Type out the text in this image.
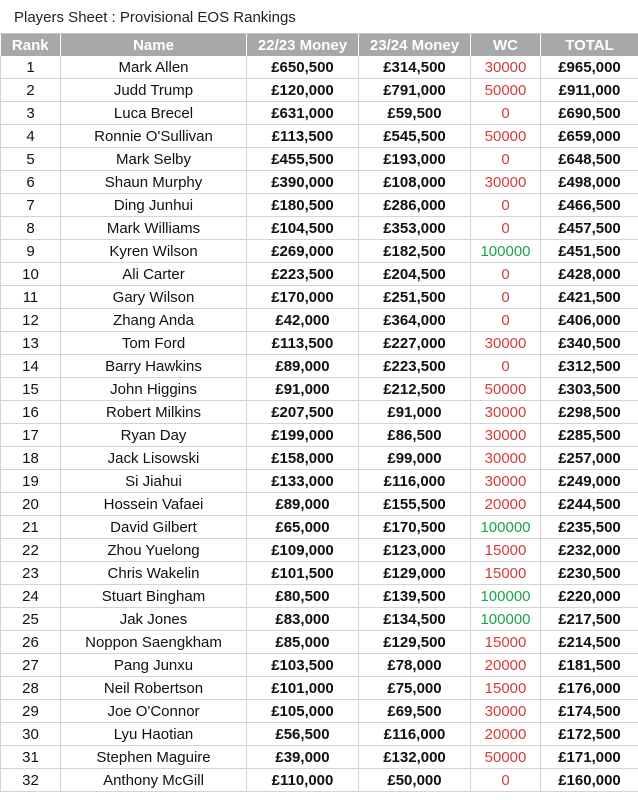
Players Sheet : Provisional EOS Rankings
Rank	Name	22/23 Money	23/24 Money	WC	TOTAL
1	Mark Allen	£650,500	£314,500	30000	£965,000
2	Judd Trump	£120,000	£791,000	50000	£911,000
3	Luca Brecel	£631,000	£59,500	0	£690,500
4	Ronnie O'Sullivan	£113,500	£545,500	50000	£659,000
5	Mark Selby	£455,500	£193,000	0	£648,500
6	Shaun Murphy	£390,000	£108,000	30000	£498,000
7	Ding Junhui	£180,500	£286,000	0	£466,500
8	Mark Williams	£104,500	£353,000	0	£457,500
9	Kyren Wilson	£269,000	£182,500	100000	£451,500
10	Ali Carter	£223,500	£204,500	0	£428,000
11	Gary Wilson	£170,000	£251,500	0	£421,500
12	Zhang Anda	£42,000	£364,000	0	£406,000
13	Tom Ford	£113,500	£227,000	30000	£340,500
14	Barry Hawkins	£89,000	£223,500	0	£312,500
15	John Higgins	£91,000	£212,500	50000	£303,500
16	Robert Milkins	£207,500	£91,000	30000	£298,500
17	Ryan Day	£199,000	£86,500	30000	£285,500
18	Jack Lisowski	£158,000	£99,000	30000	£257,000
19	Si Jiahui	£133,000	£116,000	30000	£249,000
20	Hossein Vafaei	£89,000	£155,500	20000	£244,500
21	David Gilbert	£65,000	£170,500	100000	£235,500
22	Zhou Yuelong	£109,000	£123,000	15000	£232,000
23	Chris Wakelin	£101,500	£129,000	15000	£230,500
24	Stuart Bingham	£80,500	£139,500	100000	£220,000
25	Jak Jones	£83,000	£134,500	100000	£217,500
26	Noppon Saengkham	£85,000	£129,500	15000	£214,500
27	Pang Junxu	£103,500	£78,000	20000	£181,500
28	Neil Robertson	£101,000	£75,000	15000	£176,000
29	Joe O'Connor	£105,000	£69,500	30000	£174,500
30	Lyu Haotian	£56,500	£116,000	20000	£172,500
31	Stephen Maguire	£39,000	£132,000	50000	£171,000
32	Anthony McGill	£110,000	£50,000	0	£160,000
